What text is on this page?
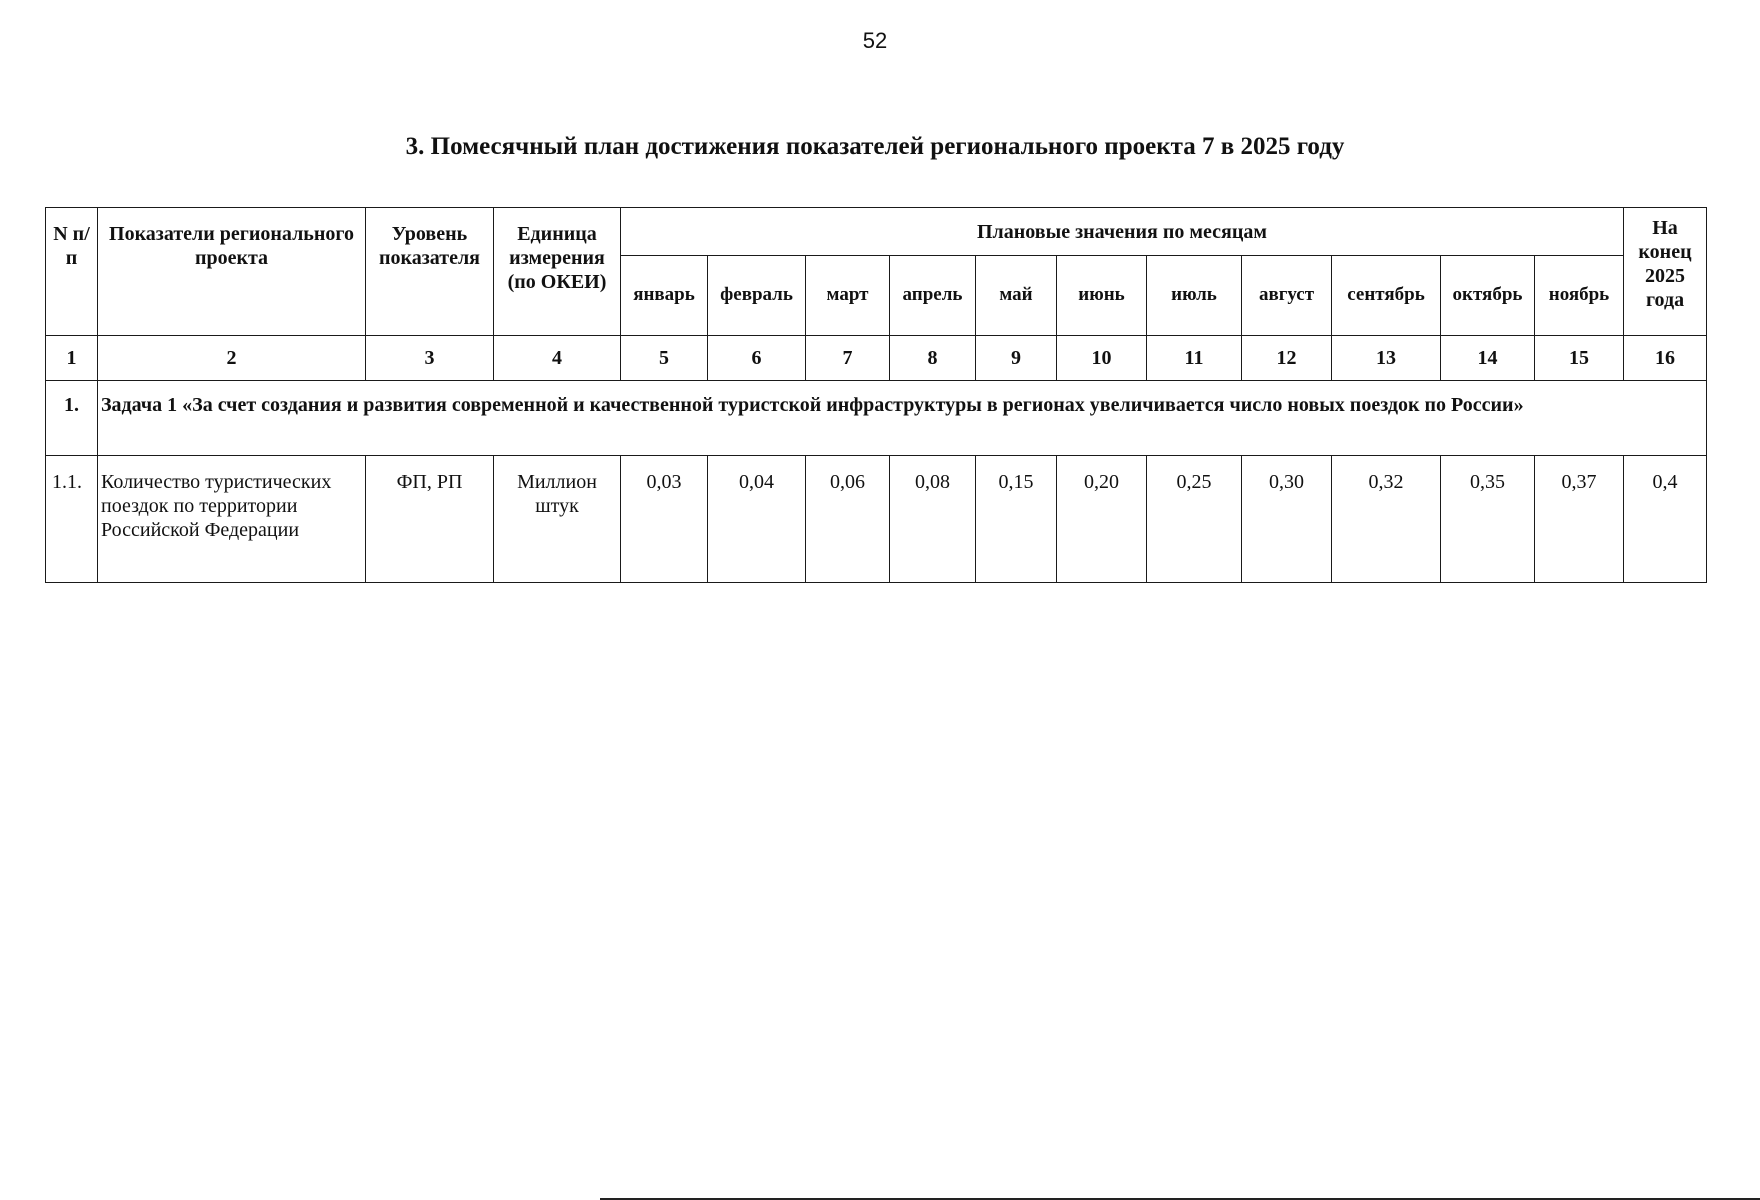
52
3. Помесячный план достижения показателей регионального проекта 7 в 2025 году
N п/п	Показатели регионального проекта	Уровень показателя	Единица измерения (по ОКЕИ)	Плановые значения по месяцам											На конец 2025 года
				январь	февраль	март	апрель	май	июнь	июль	август	сентябрь	октябрь	ноябрь	
1	2	3	4	5	6	7	8	9	10	11	12	13	14	15	16
1.	Задача 1 «За счет создания и развития современной и качественной туристской инфраструктуры в регионах увеличивается число новых поездок по России»														
1.1.	Количество туристических поездок по территории Российской Федерации	ФП, РП	Миллион штук	0,03	0,04	0,06	0,08	0,15	0,20	0,25	0,30	0,32	0,35	0,37	0,4
